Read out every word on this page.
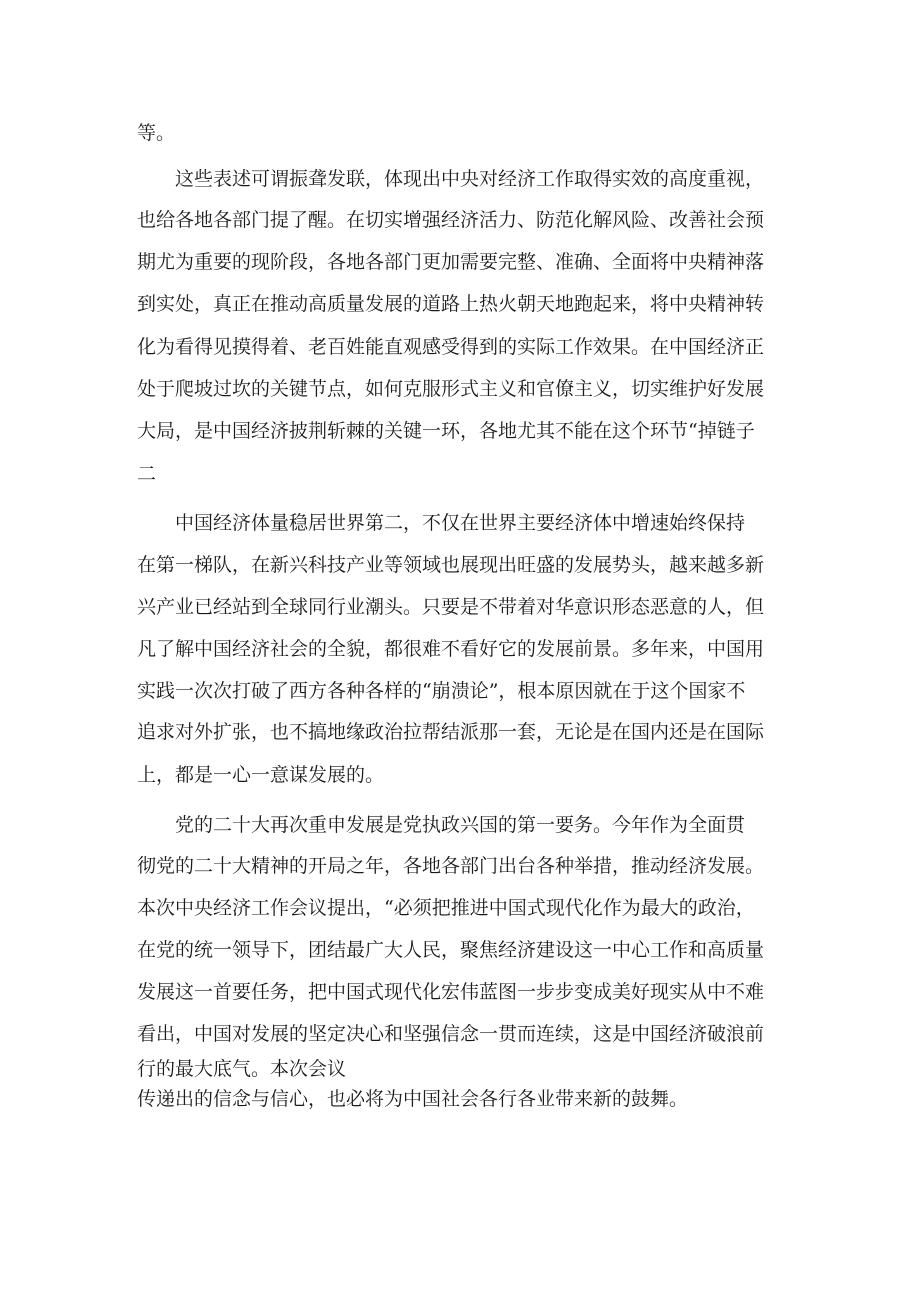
等。
这些表述可谓振聋发联，体现出中央对经济工作取得实效的高度重视，
也给各地各部门提了醒。在切实增强经济活力、防范化解风险、改善社会预
期尤为重要的现阶段，各地各部门更加需要完整、准确、全面将中央精神落
到实处，真正在推动高质量发展的道路上热火朝天地跑起来，将中央精神转
化为看得见摸得着、老百姓能直观感受得到的实际工作效果。在中国经济正
处于爬坡过坎的关键节点，如何克服形式主义和官僚主义，切实维护好发展
大局，是中国经济披荆斩棘的关键一环，各地尤其不能在这个环节“掉链子
二
中国经济体量稳居世界第二，不仅在世界主要经济体中增速始终保持
在第一梯队，在新兴科技产业等领域也展现出旺盛的发展势头，越来越多新
兴产业已经站到全球同行业潮头。只要是不带着对华意识形态恶意的人，但
凡了解中国经济社会的全貌，都很难不看好它的发展前景。多年来，中国用
实践一次次打破了西方各种各样的“崩溃论”，根本原因就在于这个国家不
追求对外扩张，也不搞地缘政治拉帮结派那一套，无论是在国内还是在国际
上，都是一心一意谋发展的。
党的二十大再次重申发展是党执政兴国的第一要务。今年作为全面贯
彻党的二十大精神的开局之年，各地各部门出台各种举措，推动经济发展。
本次中央经济工作会议提出，“必须把推进中国式现代化作为最大的政治，
在党的统一领导下，团结最广大人民，聚焦经济建设这一中心工作和高质量
发展这一首要任务，把中国式现代化宏伟蓝图一步步变成美好现实从中不难
看出，中国对发展的坚定决心和坚强信念一贯而连续，这是中国经济破浪前
行的最大底气。本次会议
传递出的信念与信心，也必将为中国社会各行各业带来新的鼓舞。
